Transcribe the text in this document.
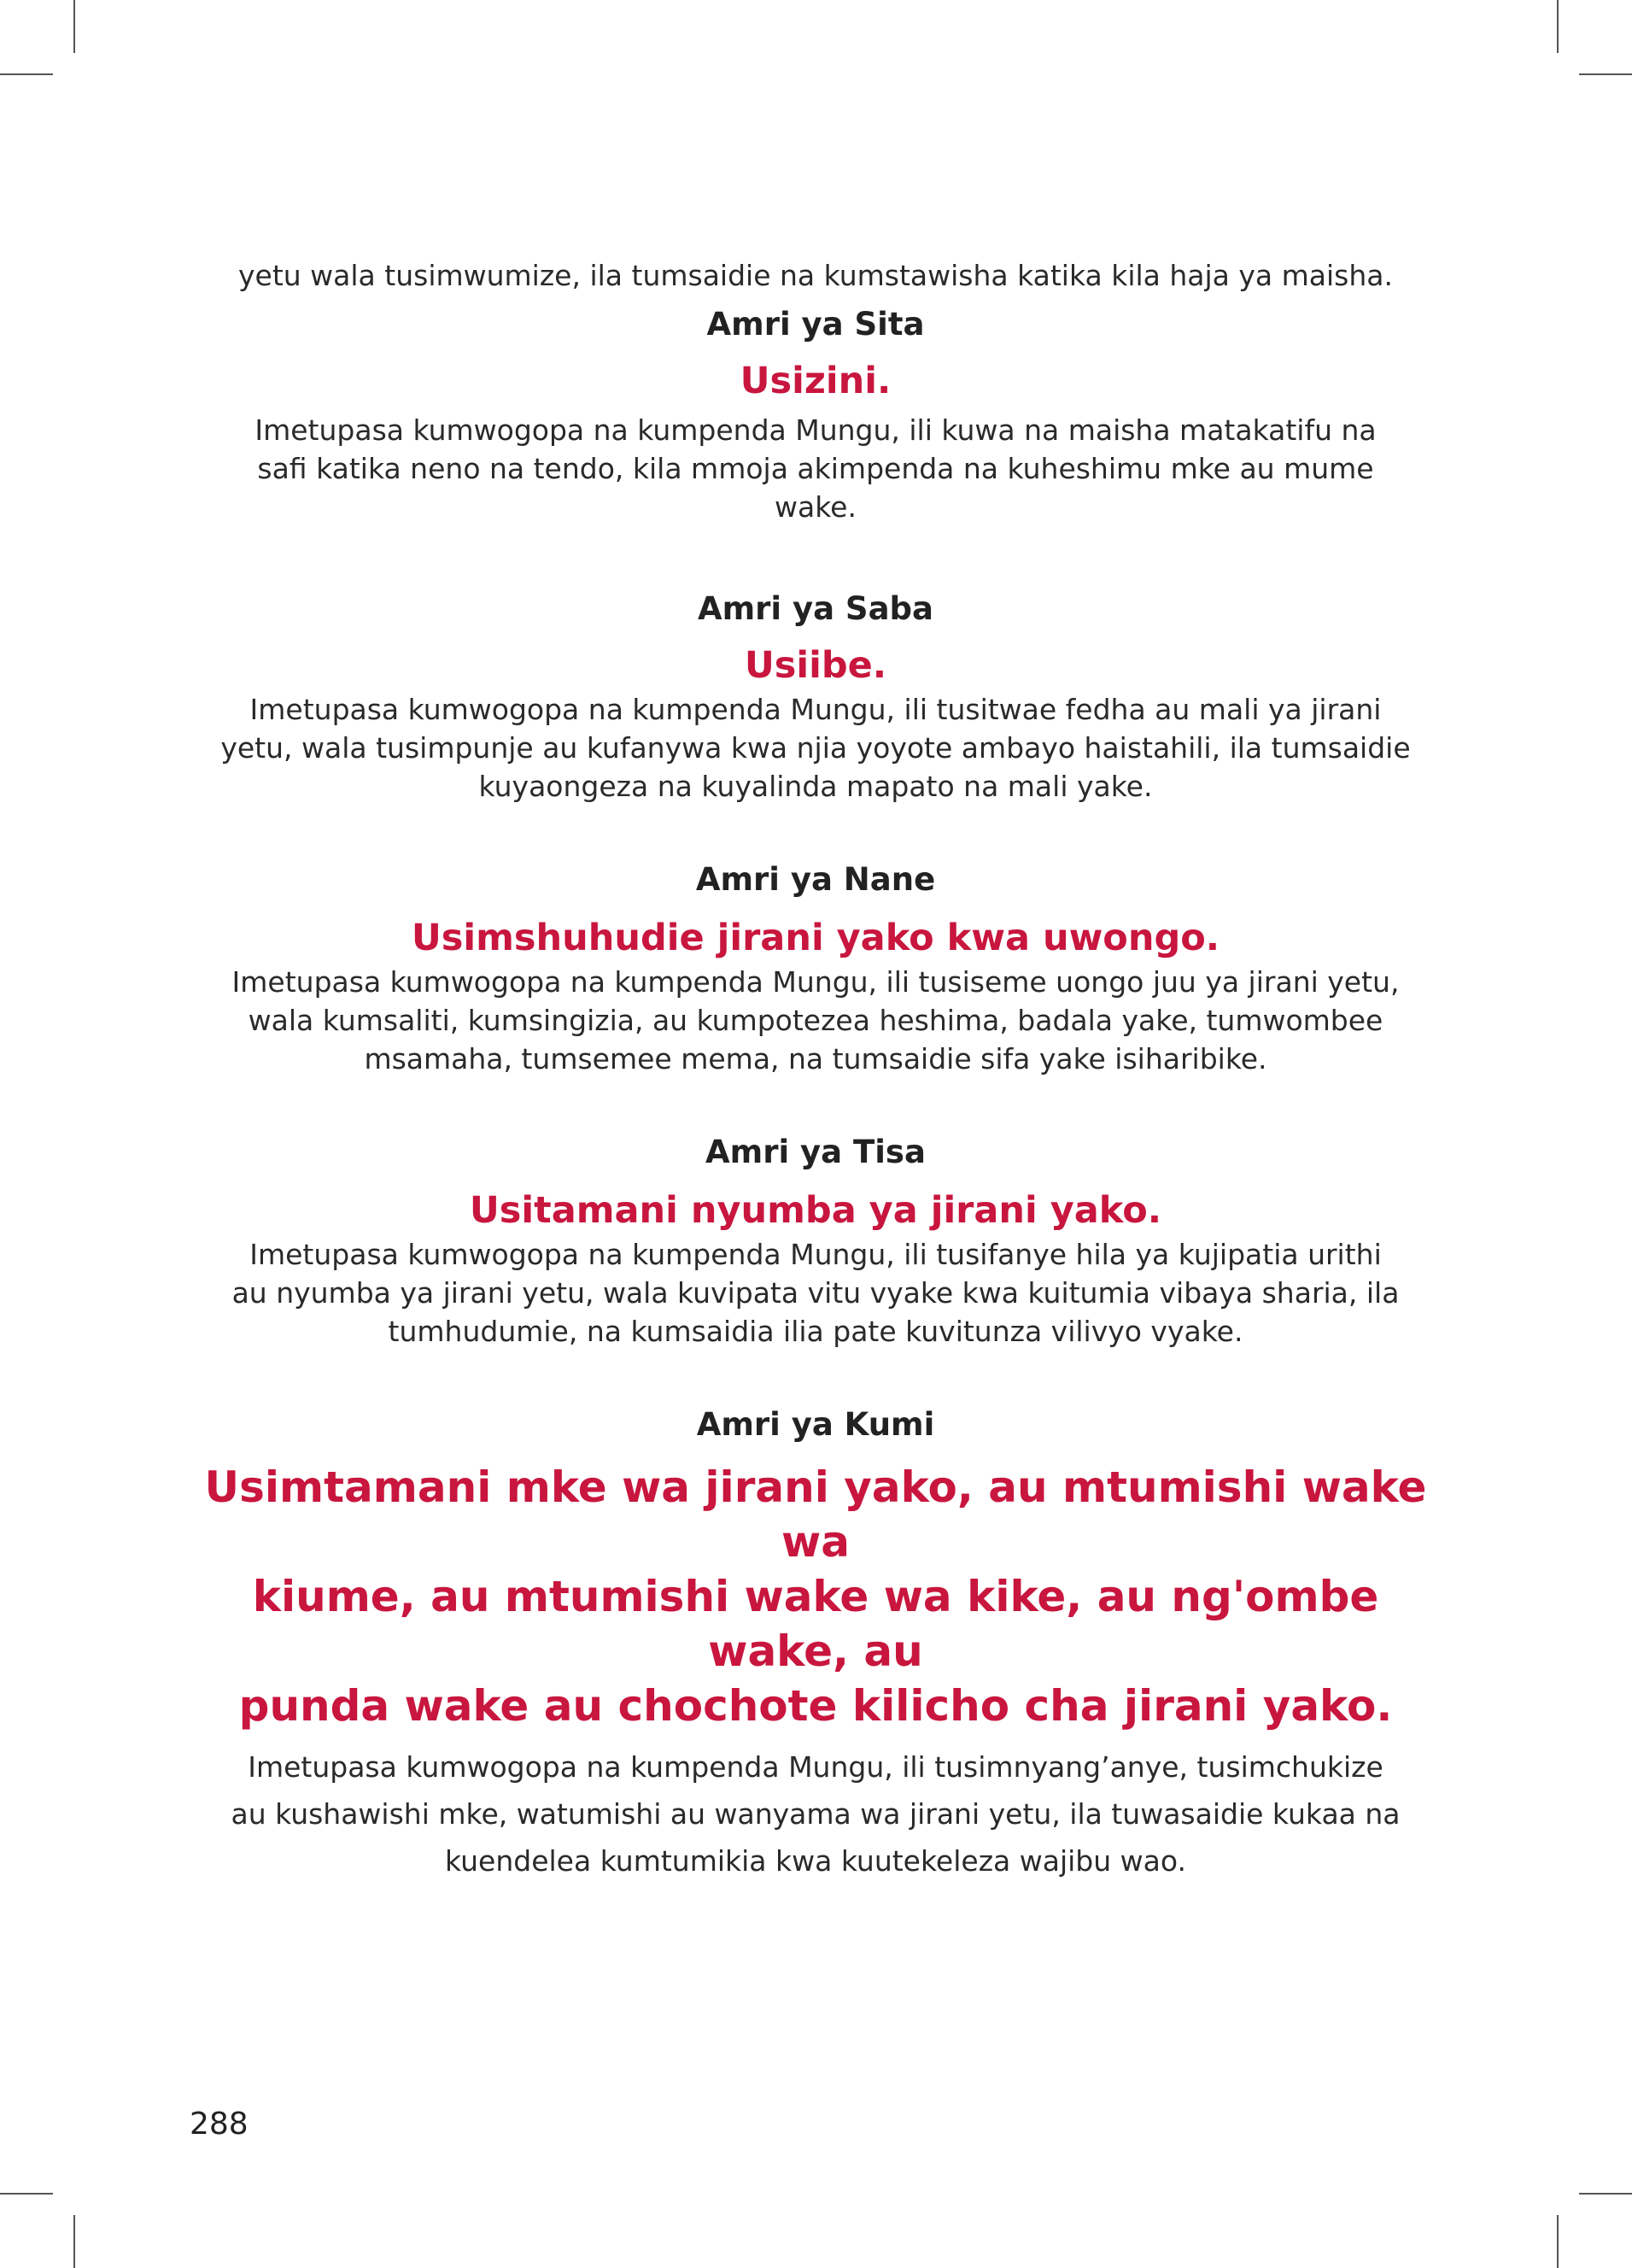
yetu wala tusimwumize, ila tumsaidie na kumstawisha katika kila haja ya maisha.

Amri ya Sita

Usizini.

Imetupasa kumwogopa na kumpenda Mungu, ili kuwa na maisha matakatifu na

safi katika neno na tendo, kila mmoja akimpenda na kuheshimu mke au mume

wake.

Amri ya Saba

Usiibe.

Imetupasa kumwogopa na kumpenda Mungu, ili tusitwae fedha au mali ya jirani

yetu, wala tusimpunje au kufanywa kwa njia yoyote ambayo haistahili, ila tumsaidie

kuyaongeza na kuyalinda mapato na mali yake.

Amri ya Nane

Usimshuhudie jirani yako kwa uwongo.

Imetupasa kumwogopa na kumpenda Mungu, ili tusiseme uongo juu ya jirani yetu,

wala kumsaliti, kumsingizia, au kumpotezea heshima, badala yake, tumwombee

msamaha, tumsemee mema, na tumsaidie sifa yake isiharibike.

Amri ya Tisa

Usitamani nyumba ya jirani yako.

Imetupasa kumwogopa na kumpenda Mungu, ili tusifanye hila ya kujipatia urithi

au nyumba ya jirani yetu, wala kuvipata vitu vyake kwa kuitumia vibaya sharia, ila

tumhudumie, na kumsaidia ilia pate kuvitunza vilivyo vyake.

Amri ya Kumi

Usimtamani mke wa jirani yako, au mtumishi wake wa

kiume, au mtumishi wake wa kike, au ng'ombe wake, au

punda wake au chochote kilicho cha jirani yako.

Imetupasa kumwogopa na kumpenda Mungu, ili tusimnyang’anye, tusimchukize

au kushawishi mke, watumishi au wanyama wa jirani yetu, ila tuwasaidie kukaa na

kuendelea kumtumikia kwa kuutekeleza wajibu wao.

288
